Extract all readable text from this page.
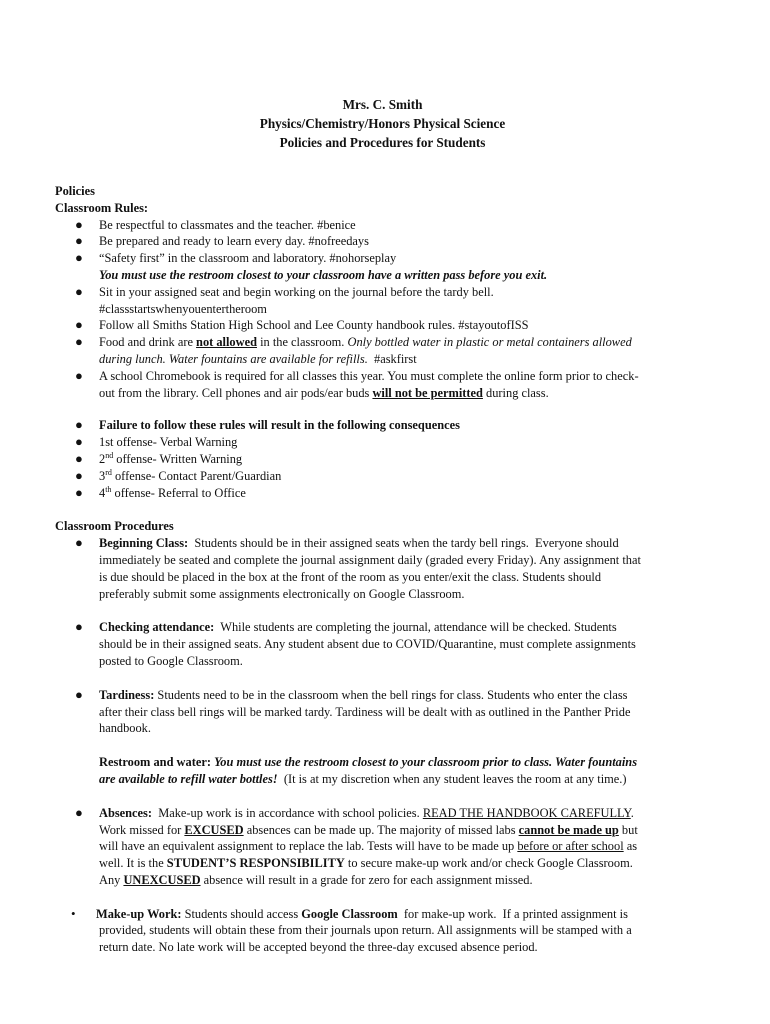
Mrs. C. Smith
Physics/Chemistry/Honors Physical Science
Policies and Procedures for Students
Policies
Classroom Rules:
● Be respectful to classmates and the teacher. #benice
● Be prepared and ready to learn every day. #nofreedays
● “Safety first” in the classroom and laboratory. #nohorseplay
You must use the restroom closest to your classroom have a written pass before you exit.
● Sit in your assigned seat and begin working on the journal before the tardy bell.
#classstartswhenyouentertheroom
● Follow all Smiths Station High School and Lee County handbook rules. #stayoutofISS
● Food and drink are not allowed in the classroom. Only bottled water in plastic or metal containers allowed
during lunch. Water fountains are available for refills.  #askfirst
● A school Chromebook is required for all classes this year. You must complete the online form prior to check-
out from the library. Cell phones and air pods/ear buds will not be permitted during class.
● Failure to follow these rules will result in the following consequences
● 1st offense- Verbal Warning
● 2nd offense- Written Warning
● 3rd offense- Contact Parent/Guardian
● 4th offense- Referral to Office
Classroom Procedures
● Beginning Class:  Students should be in their assigned seats when the tardy bell rings.  Everyone should
immediately be seated and complete the journal assignment daily (graded every Friday). Any assignment that
is due should be placed in the box at the front of the room as you enter/exit the class. Students should
preferably submit some assignments electronically on Google Classroom.
● Checking attendance:  While students are completing the journal, attendance will be checked. Students
should be in their assigned seats. Any student absent due to COVID/Quarantine, must complete assignments
posted to Google Classroom.
● Tardiness: Students need to be in the classroom when the bell rings for class. Students who enter the class
after their class bell rings will be marked tardy. Tardiness will be dealt with as outlined in the Panther Pride
handbook.
Restroom and water: You must use the restroom closest to your classroom prior to class. Water fountains
are available to refill water bottles!  (It is at my discretion when any student leaves the room at any time.)
● Absences:  Make-up work is in accordance with school policies. READ THE HANDBOOK CAREFULLY.
Work missed for EXCUSED absences can be made up. The majority of missed labs cannot be made up but
will have an equivalent assignment to replace the lab. Tests will have to be made up before or after school as
well. It is the STUDENT’S RESPONSIBILITY to secure make-up work and/or check Google Classroom.
Any UNEXCUSED absence will result in a grade for zero for each assignment missed.
• Make-up Work: Students should access Google Classroom  for make-up work.  If a printed assignment is
provided, students will obtain these from their journals upon return. All assignments will be stamped with a
return date. No late work will be accepted beyond the three-day excused absence period.
